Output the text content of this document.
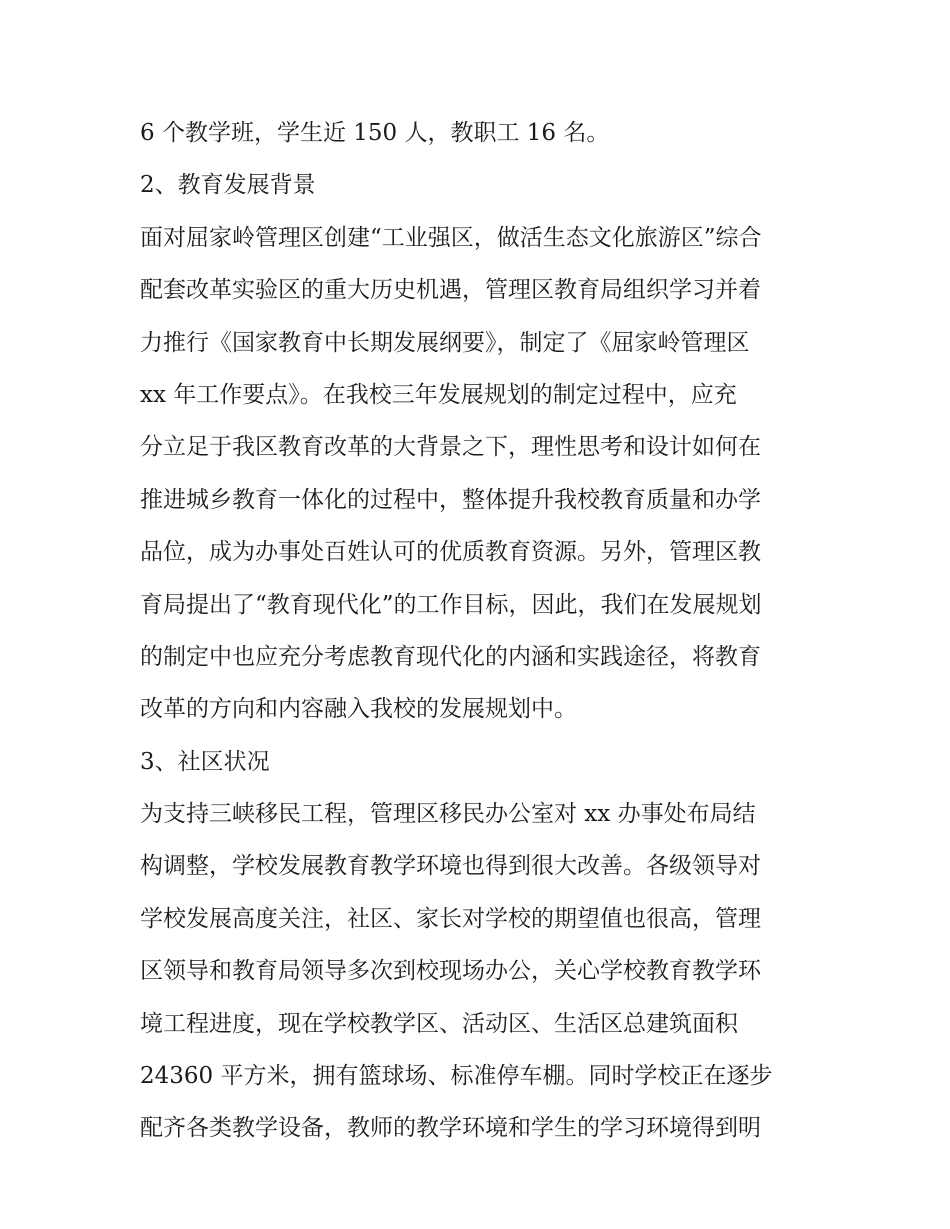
6 个教学班，学生近 150 人，教职工 16 名。
2、教育发展背景
面对屈家岭管理区创建“工业强区，做活生态文化旅游区”综合
配套改革实验区的重大历史机遇，管理区教育局组织学习并着
力推行《国家教育中长期发展纲要》，制定了《屈家岭管理区
xx 年工作要点》。在我校三年发展规划的制定过程中，应充
分立足于我区教育改革的大背景之下，理性思考和设计如何在
推进城乡教育一体化的过程中，整体提升我校教育质量和办学
品位，成为办事处百姓认可的优质教育资源。另外，管理区教
育局提出了“教育现代化”的工作目标，因此，我们在发展规划
的制定中也应充分考虑教育现代化的内涵和实践途径，将教育
改革的方向和内容融入我校的发展规划中。
3、社区状况
为支持三峡移民工程，管理区移民办公室对 xx 办事处布局结
构调整，学校发展教育教学环境也得到很大改善。各级领导对
学校发展高度关注，社区、家长对学校的期望值也很高，管理
区领导和教育局领导多次到校现场办公，关心学校教育教学环
境工程进度，现在学校教学区、活动区、生活区总建筑面积
24360 平方米，拥有篮球场、标准停车棚。同时学校正在逐步
配齐各类教学设备，教师的教学环境和学生的学习环境得到明
